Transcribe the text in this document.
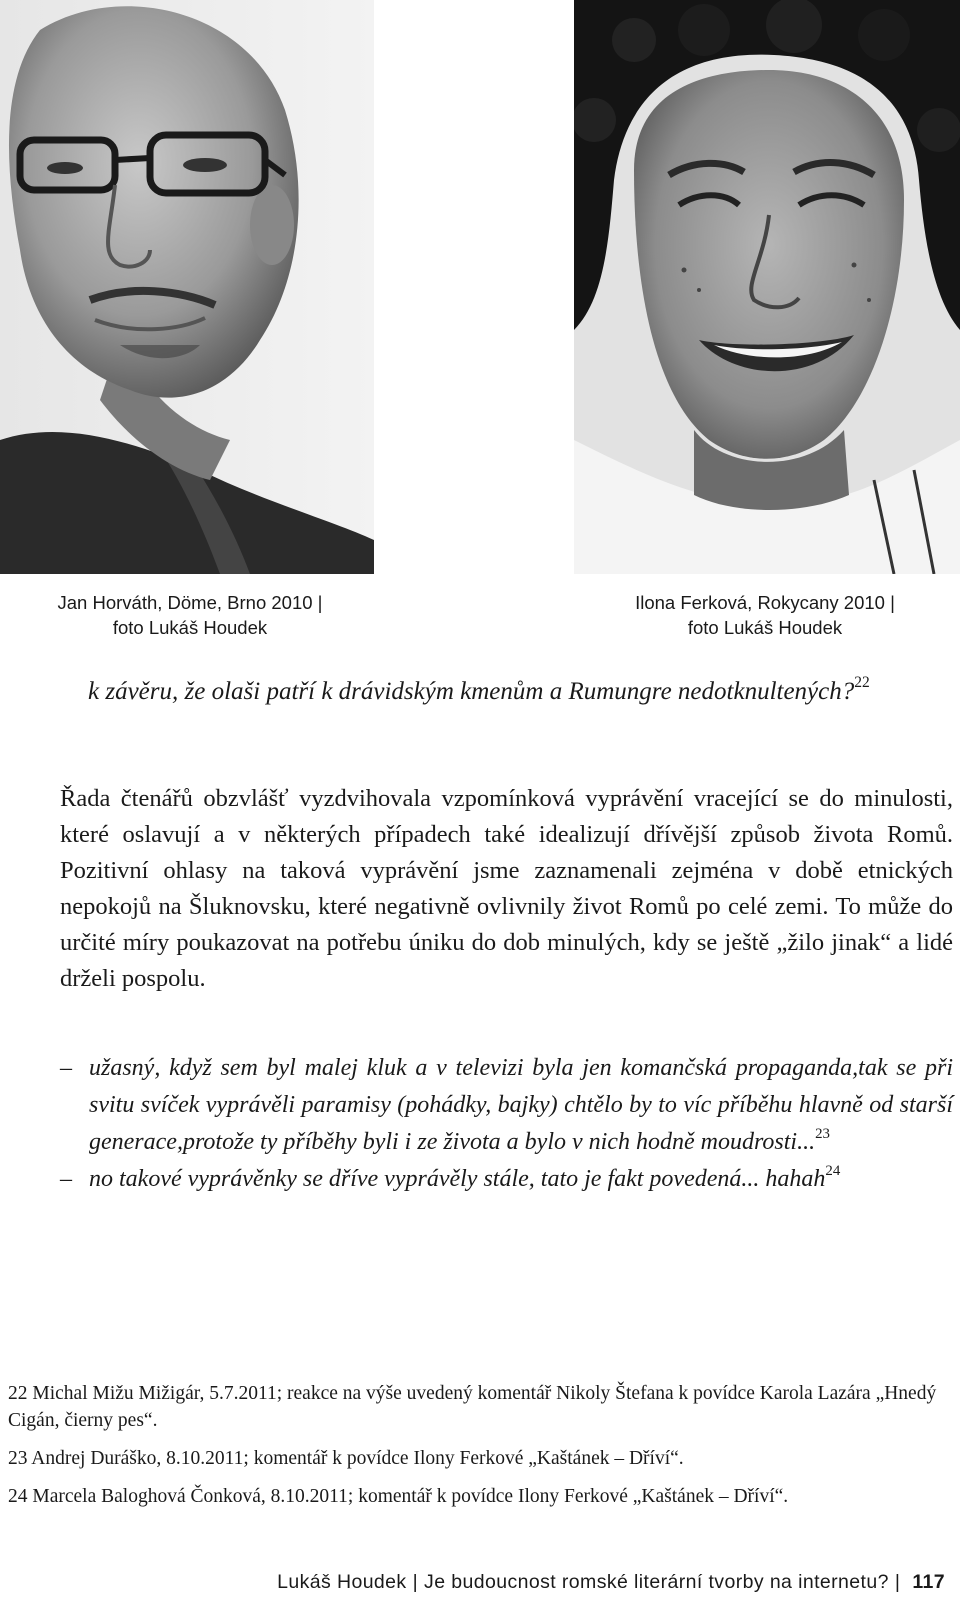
Jan Horváth, Döme, Brno 2010 |
foto Lukáš Houdek
Ilona Ferková, Rokycany 2010 |
foto Lukáš Houdek
k závěru, že olaši patří k drávidským kmenům a Rumungre nedotknultených?$^{22}$
Řada čtenářů obzvlášť vyzdvihovala vzpomínková vyprávění vracející se do minulosti, které oslavují a v některých případech také idealizují dřívější způsob života Romů. Pozitivní ohlasy na taková vyprávění jsme zaznamenali zejména v době etnických nepokojů na Šluknovsku, které negativně ovlivnily život Romů po celé zemi. To může do určité míry poukazovat na potřebu úniku do dob minulých, kdy se ještě „žilo jinak“ a lidé drželi pospolu.
– užasný, když sem byl malej kluk a v televizi byla jen komančská propaganda,tak se při svitu svíček vyprávěli paramisy (pohádky, bajky) chtělo by to víc příběhu hlavně od starší generace,protože ty příběhy byli i ze života a bylo v nich hodně moudrosti...$^{23}$
– no takové vyprávěnky se dříve vyprávěly stále, tato je fakt povedená... hahah$^{24}$

22 Michal Mižu Mižigár, 5.7.2011; reakce na výše uvedený komentář Nikoly Štefana k povídce Karola Lazára „Hnedý Cigán, čierny pes“.

23 Andrej Duráško, 8.10.2011; komentář k povídce Ilony Ferkové „Kaštánek – Dříví“.

24 Marcela Baloghová Čonková, 8.10.2011; komentář k povídce Ilony Ferkové „Kaštánek – Dříví“.

Lukáš Houdek | Je budoucnost romské literární tvorby na internetu? | 117
